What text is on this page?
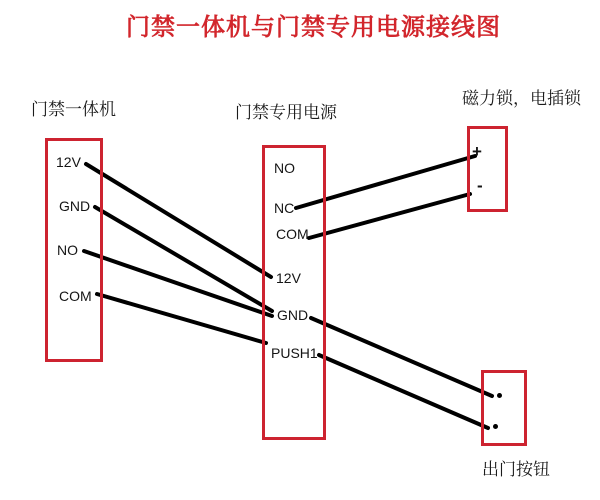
门禁一体机与门禁专用电源接线图
门禁一体机
12V
GND
NO
COM
门禁专用电源
NO
NC
COM
12V
GND
PUSH1
磁力锁，电插锁
+
-
出门按钮
